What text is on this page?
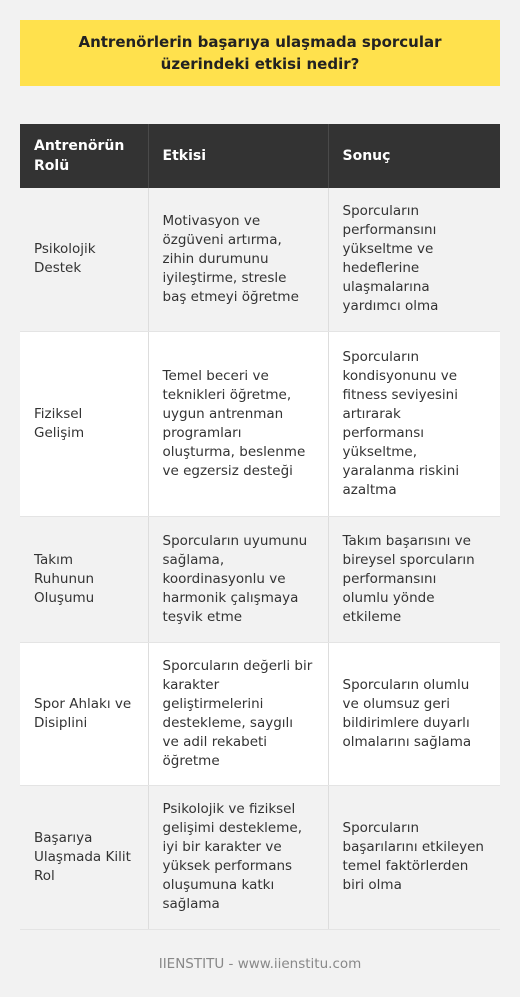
Antrenörlerin başarıya ulaşmada sporcular üzerindeki etkisi nedir?
Antrenörün Rolü	Etkisi	Sonuç
Psikolojik Destek	Motivasyon ve özgüveni artırma, zihin durumunu iyileştirme, stresle baş etmeyi öğretme	Sporcuların performansını yükseltme ve hedeflerine ulaşmalarına yardımcı olma
Fiziksel Gelişim	Temel beceri ve teknikleri öğretme, uygun antrenman programları oluşturma, beslenme ve egzersiz desteği	Sporcuların kondisyonunu ve fitness seviyesini artırarak performansı yükseltme, yaralanma riskini azaltma
Takım Ruhunun Oluşumu	Sporcuların uyumunu sağlama, koordinasyonlu ve harmonik çalışmaya teşvik etme	Takım başarısını ve bireysel sporcuların performansını olumlu yönde etkileme
Spor Ahlakı ve Disiplini	Sporcuların değerli bir karakter geliştirmelerini destekleme, saygılı ve adil rekabeti öğretme	Sporcuların olumlu ve olumsuz geri bildirimlere duyarlı olmalarını sağlama
Başarıya Ulaşmada Kilit Rol	Psikolojik ve fiziksel gelişimi destekleme, iyi bir karakter ve yüksek performans oluşumuna katkı sağlama	Sporcuların başarılarını etkileyen temel faktörlerden biri olma
IIENSTITU - www.iienstitu.com
